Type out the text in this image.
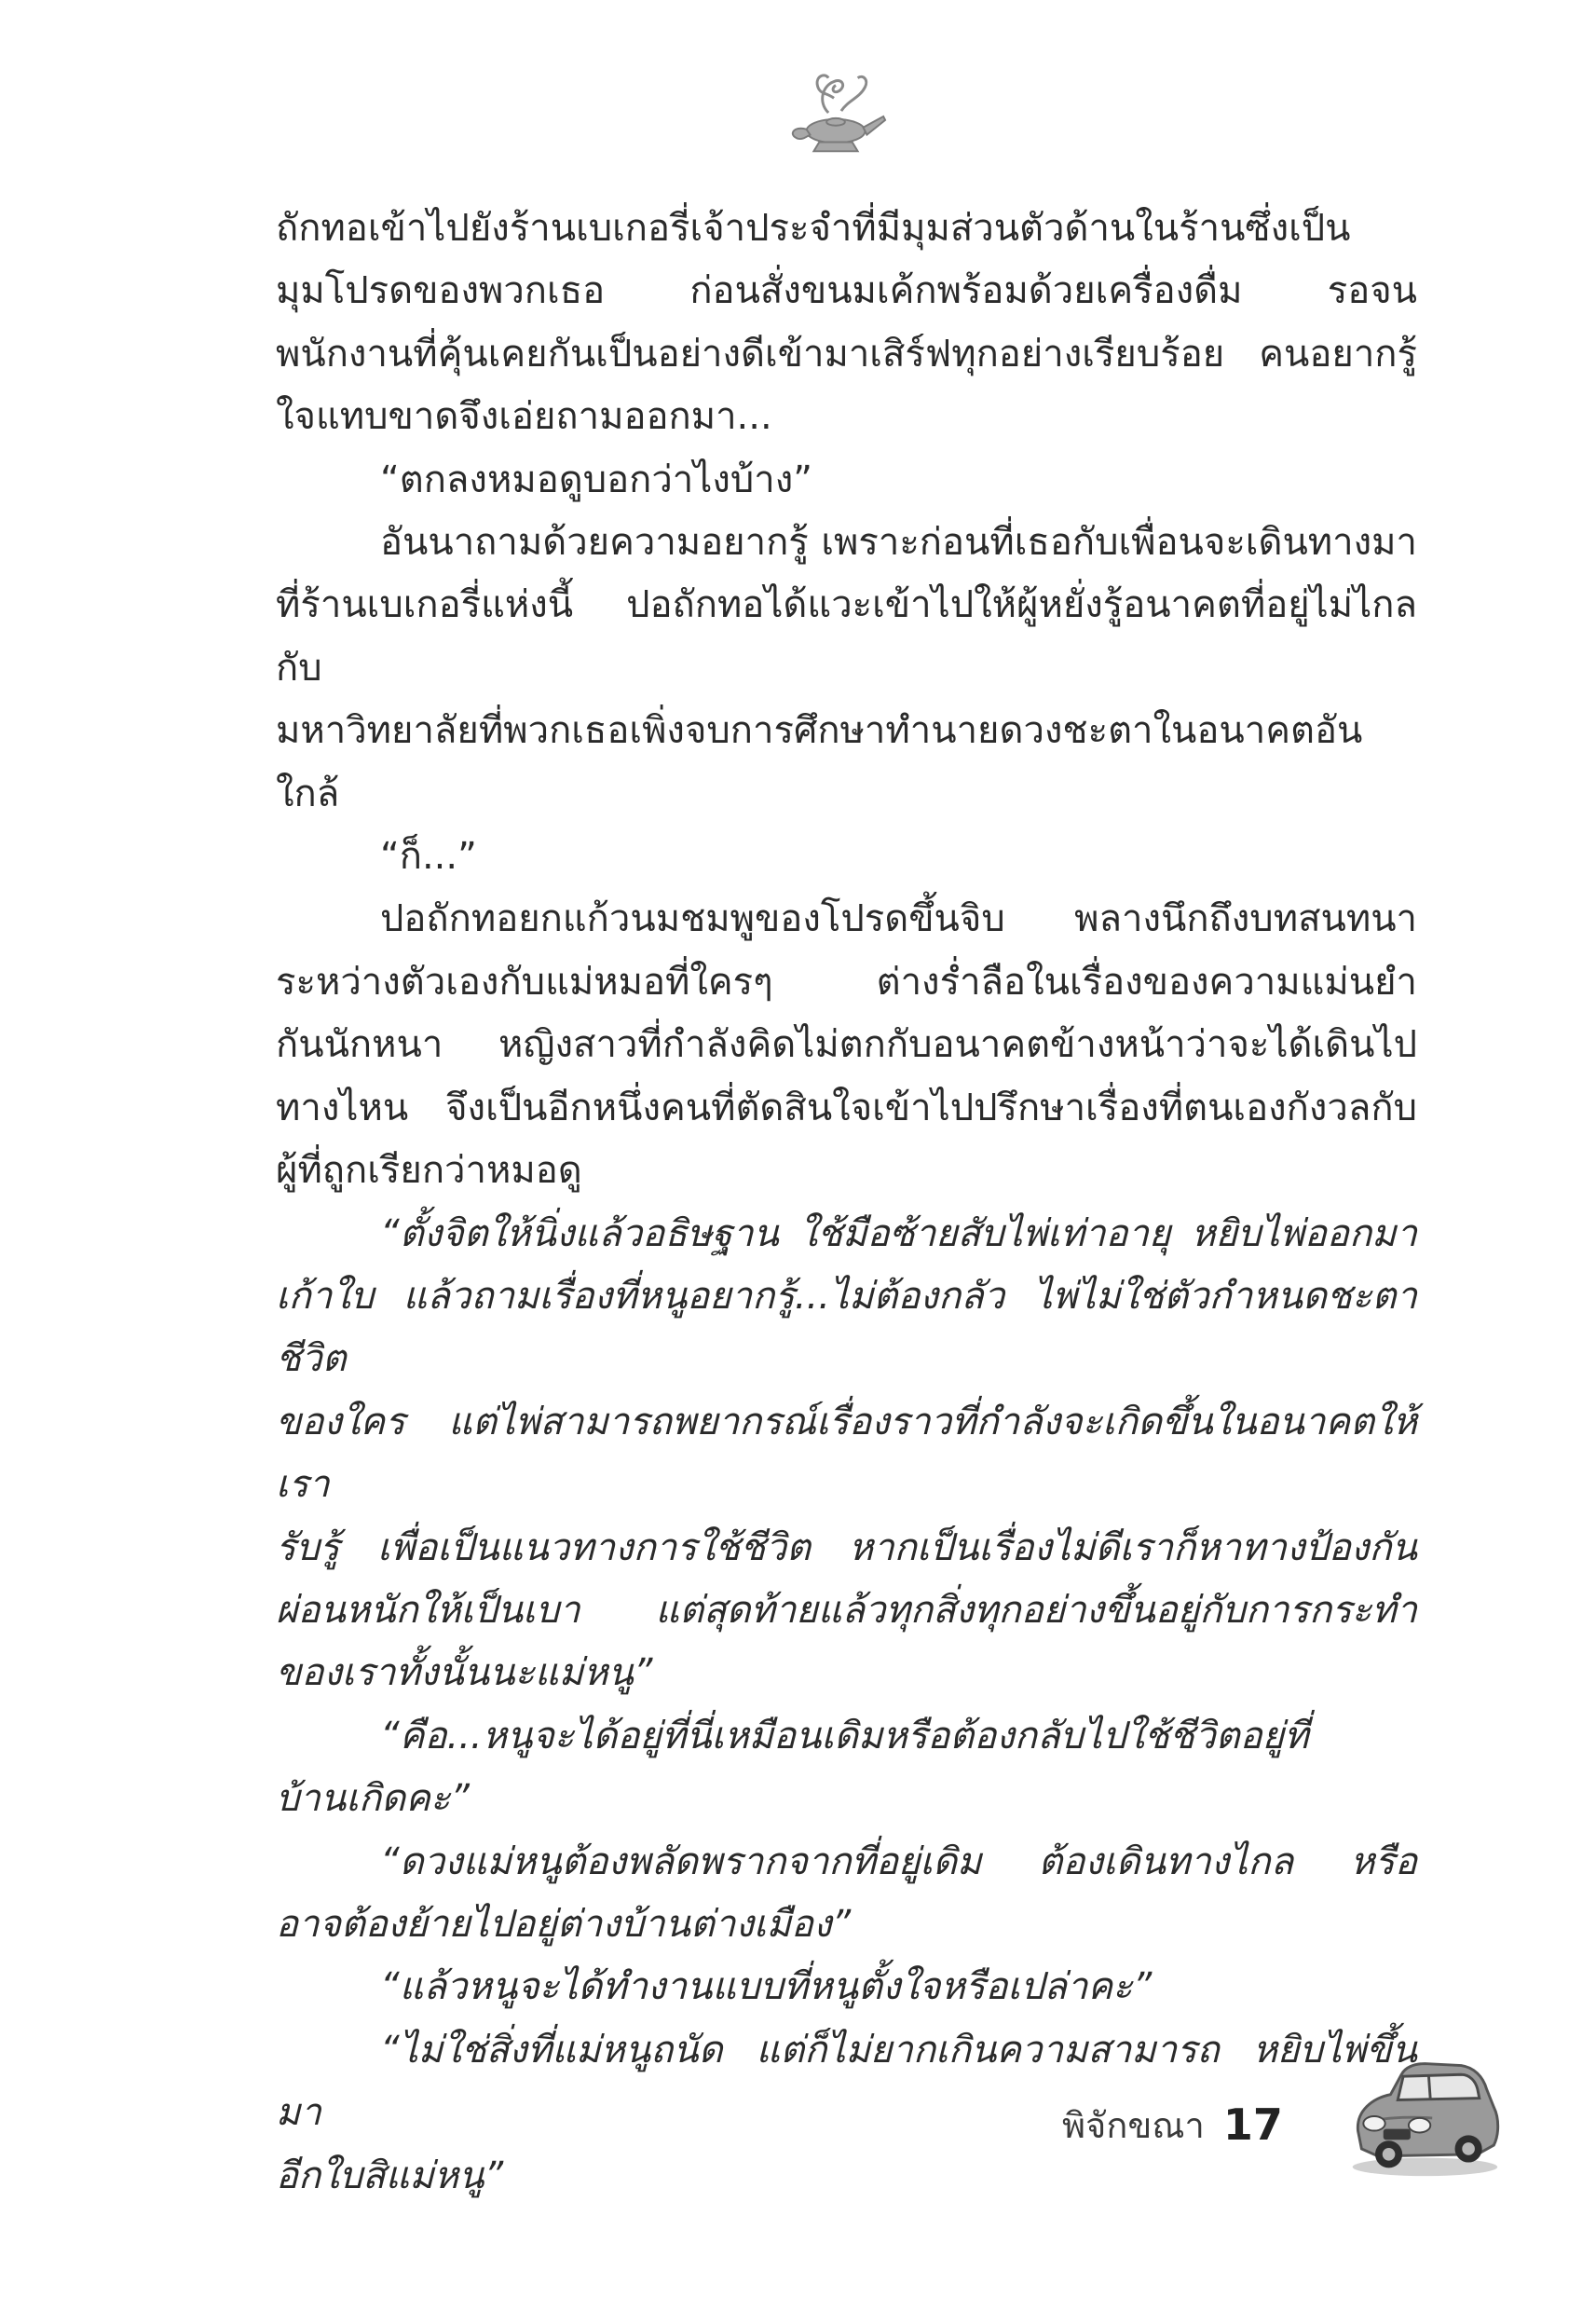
ถักทอเข้าไปยังร้านเบเกอรี่เจ้าประจำที่มีมุมส่วนตัวด้านในร้านซึ่งเป็น
มุมโปรดของพวกเธอ ก่อนสั่งขนมเค้กพร้อมด้วยเครื่องดื่ม รอจน
พนักงานที่คุ้นเคยกันเป็นอย่างดีเข้ามาเสิร์ฟทุกอย่างเรียบร้อย คนอยากรู้
ใจแทบขาดจึงเอ่ยถามออกมา...

“ตกลงหมอดูบอกว่าไงบ้าง”

อันนาถามด้วยความอยากรู้ เพราะก่อนที่เธอกับเพื่อนจะเดินทางมา
ที่ร้านเบเกอรี่แห่งนี้ ปอถักทอได้แวะเข้าไปให้ผู้หยั่งรู้อนาคตที่อยู่ไม่ไกลกับ
มหาวิทยาลัยที่พวกเธอเพิ่งจบการศึกษาทำนายดวงชะตาในอนาคตอันใกล้

“ก็...”

ปอถักทอยกแก้วนมชมพูของโปรดขึ้นจิบ พลางนึกถึงบทสนทนา
ระหว่างตัวเองกับแม่หมอที่ใครๆ ต่างร่ำลือในเรื่องของความแม่นยำ
กันนักหนา หญิงสาวที่กำลังคิดไม่ตกกับอนาคตข้างหน้าว่าจะได้เดินไป
ทางไหน จึงเป็นอีกหนึ่งคนที่ตัดสินใจเข้าไปปรึกษาเรื่องที่ตนเองกังวลกับ
ผู้ที่ถูกเรียกว่าหมอดู

“ตั้งจิตให้นิ่งแล้วอธิษฐาน ใช้มือซ้ายสับไพ่เท่าอายุ หยิบไพ่ออกมา
เก้าใบ แล้วถามเรื่องที่หนูอยากรู้...ไม่ต้องกลัว ไพ่ไม่ใช่ตัวกำหนดชะตาชีวิต
ของใคร แต่ไพ่สามารถพยากรณ์เรื่องราวที่กำลังจะเกิดขึ้นในอนาคตให้เรา
รับรู้ เพื่อเป็นแนวทางการใช้ชีวิต หากเป็นเรื่องไม่ดีเราก็หาทางป้องกัน
ผ่อนหนักให้เป็นเบา แต่สุดท้ายแล้วทุกสิ่งทุกอย่างขึ้นอยู่กับการกระทำ
ของเราทั้งนั้นนะแม่หนู”

“คือ...หนูจะได้อยู่ที่นี่เหมือนเดิมหรือต้องกลับไปใช้ชีวิตอยู่ที่
บ้านเกิดคะ”

“ดวงแม่หนูต้องพลัดพรากจากที่อยู่เดิม ต้องเดินทางไกล หรือ
อาจต้องย้ายไปอยู่ต่างบ้านต่างเมือง”

“แล้วหนูจะได้ทำงานแบบที่หนูตั้งใจหรือเปล่าคะ”

“ไม่ใช่สิ่งที่แม่หนูถนัด แต่ก็ไม่ยากเกินความสามารถ หยิบไพ่ขึ้นมา
อีกใบสิแม่หนู”

พิจักขณา 17
